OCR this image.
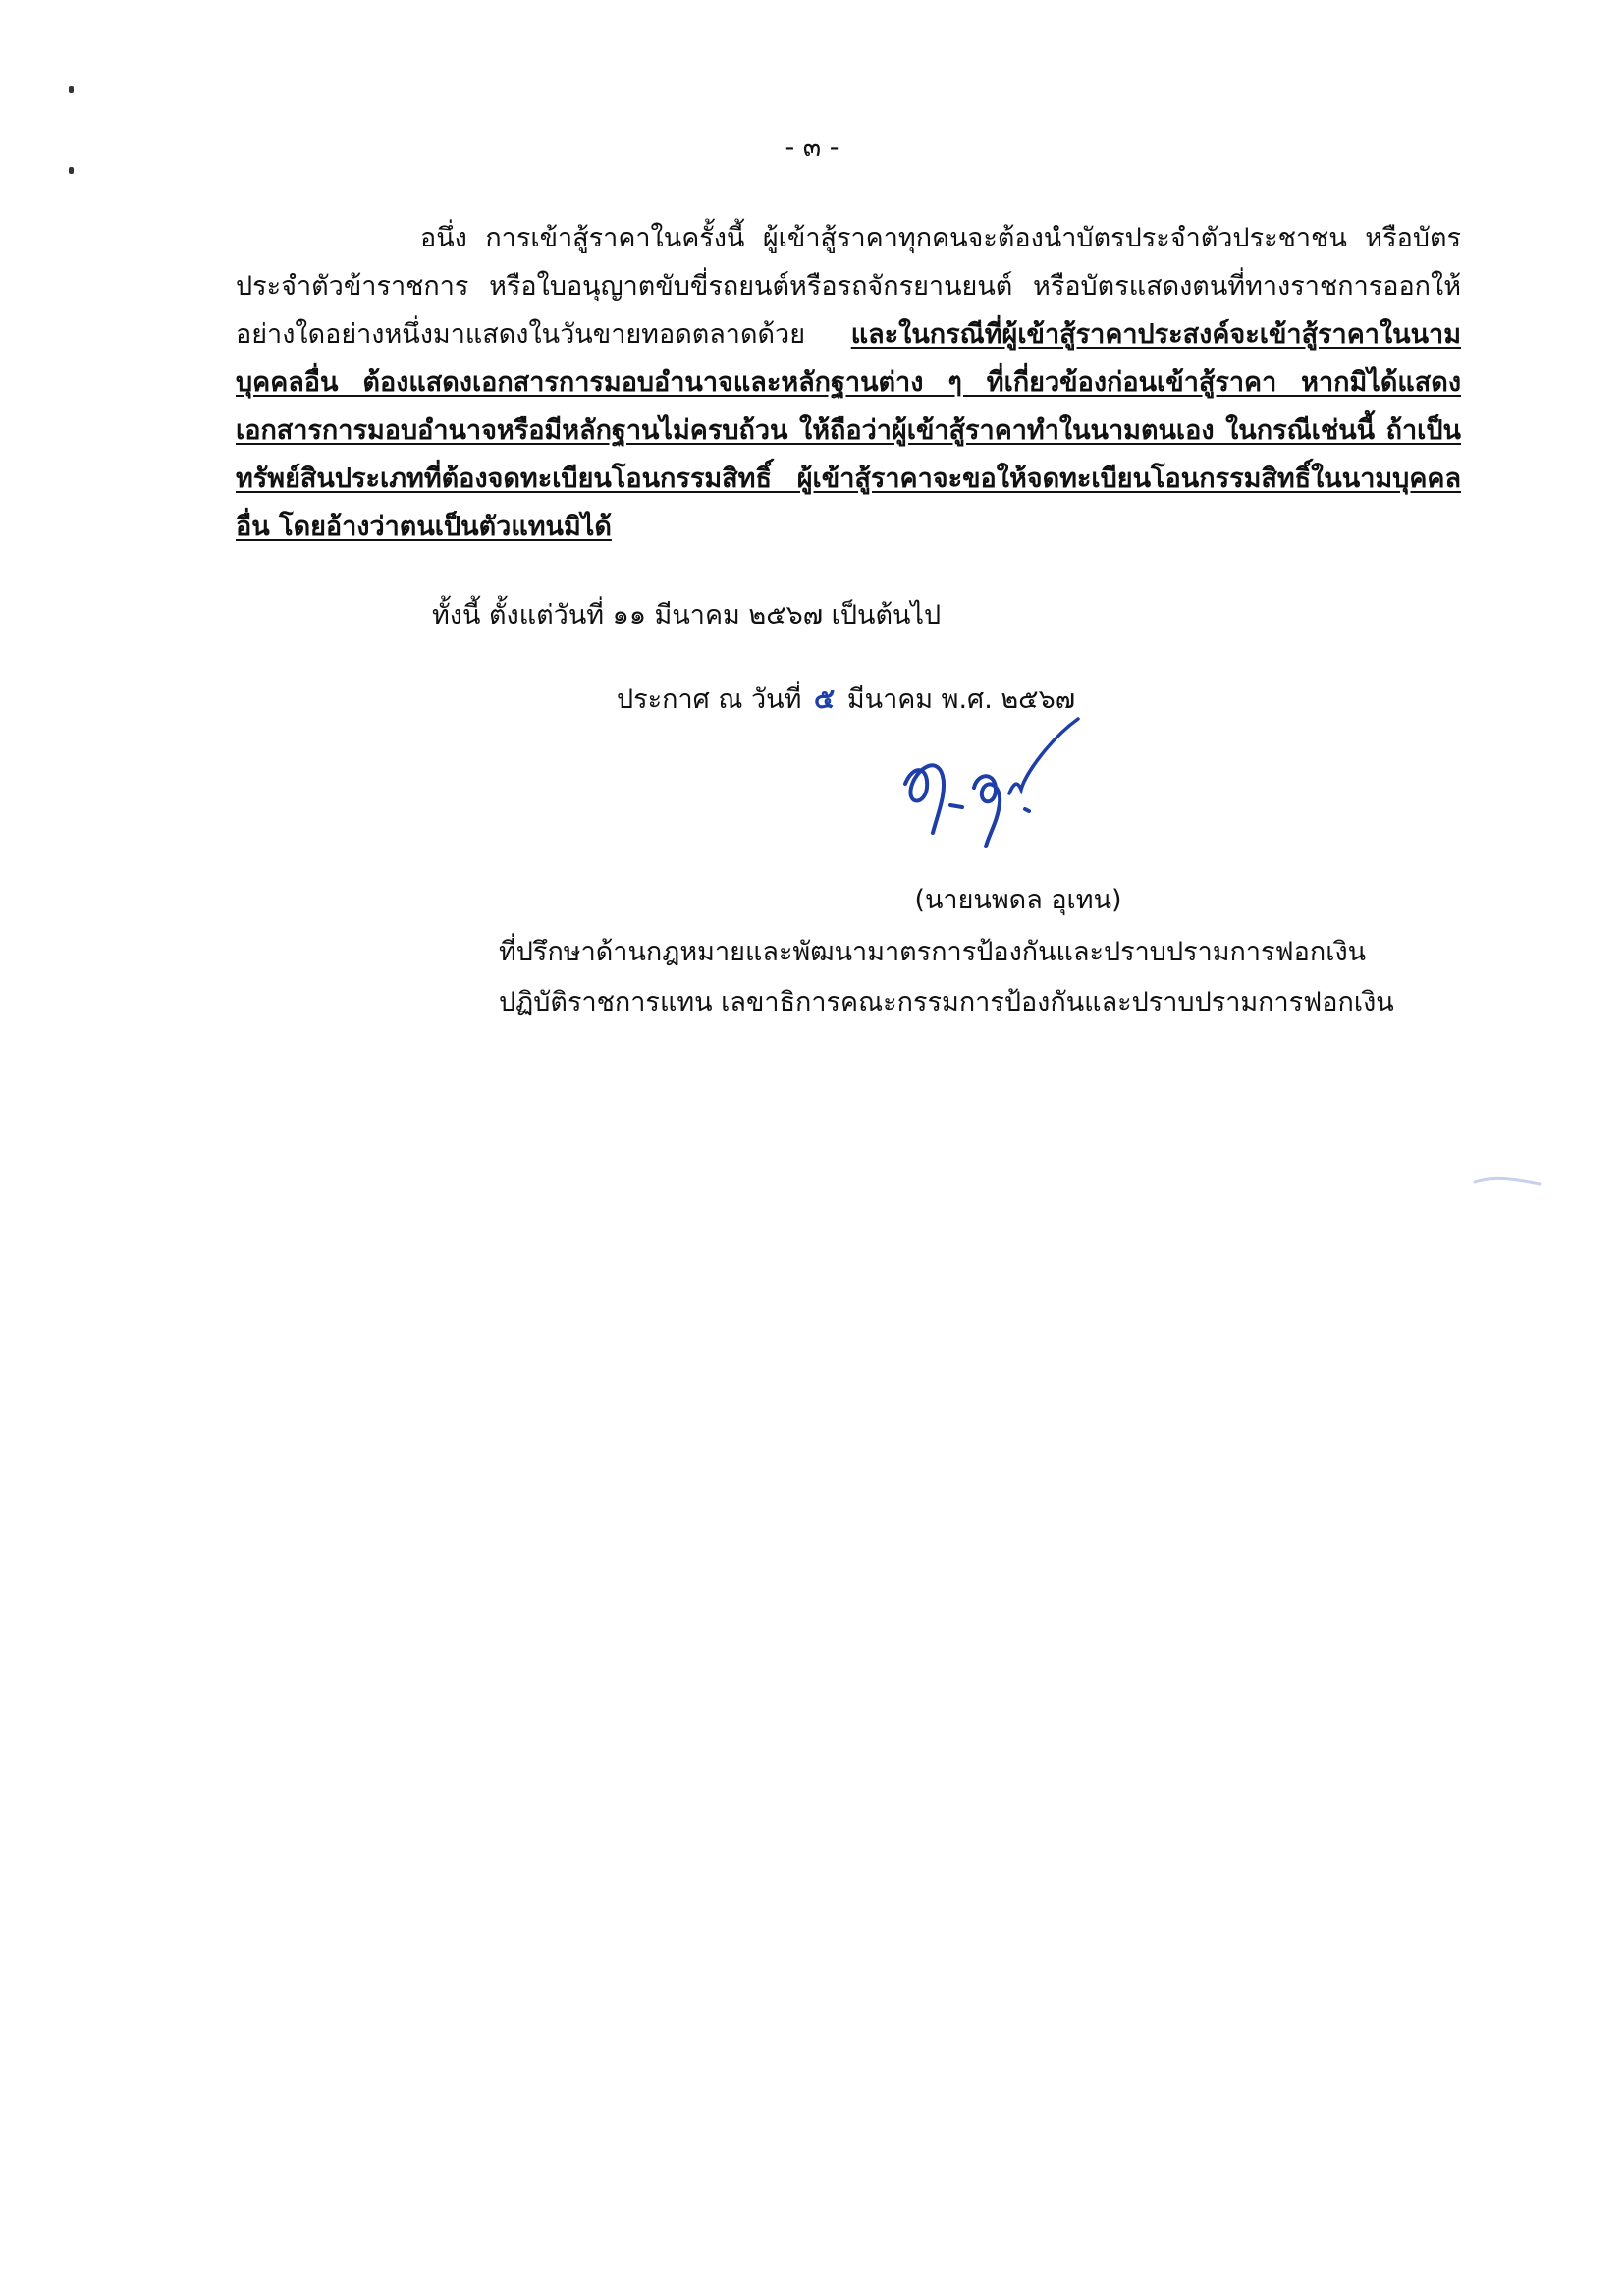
- ๓ -
อนึ่ง การเข้าสู้ราคาในครั้งนี้ ผู้เข้าสู้ราคาทุกคนจะต้องนำบัตรประจำตัวประชาชน หรือบัตรประจำตัวข้าราชการ หรือใบอนุญาตขับขี่รถยนต์หรือรถจักรยานยนต์ หรือบัตรแสดงตนที่ทางราชการออกให้อย่างใดอย่างหนึ่งมาแสดงในวันขายทอดตลาดด้วย และในกรณีที่ผู้เข้าสู้ราคาประสงค์จะเข้าสู้ราคาในนามบุคคลอื่น ต้องแสดงเอกสารการมอบอำนาจและหลักฐานต่าง ๆ ที่เกี่ยวข้องก่อนเข้าสู้ราคา หากมิได้แสดงเอกสารการมอบอำนาจหรือมีหลักฐานไม่ครบถ้วน ให้ถือว่าผู้เข้าสู้ราคาทำในนามตนเอง ในกรณีเช่นนี้ ถ้าเป็นทรัพย์สินประเภทที่ต้องจดทะเบียนโอนกรรมสิทธิ์ ผู้เข้าสู้ราคาจะขอให้จดทะเบียนโอนกรรมสิทธิ์ในนามบุคคลอื่น โดยอ้างว่าตนเป็นตัวแทนมิได้
ทั้งนี้ ตั้งแต่วันที่ ๑๑ มีนาคม ๒๕๖๗ เป็นต้นไป
ประกาศ ณ วันที่ ๕ มีนาคม พ.ศ. ๒๕๖๗
(นายนพดล อุเทน)
ที่ปรึกษาด้านกฎหมายและพัฒนามาตรการป้องกันและปราบปรามการฟอกเงิน
ปฏิบัติราชการแทน เลขาธิการคณะกรรมการป้องกันและปราบปรามการฟอกเงิน
